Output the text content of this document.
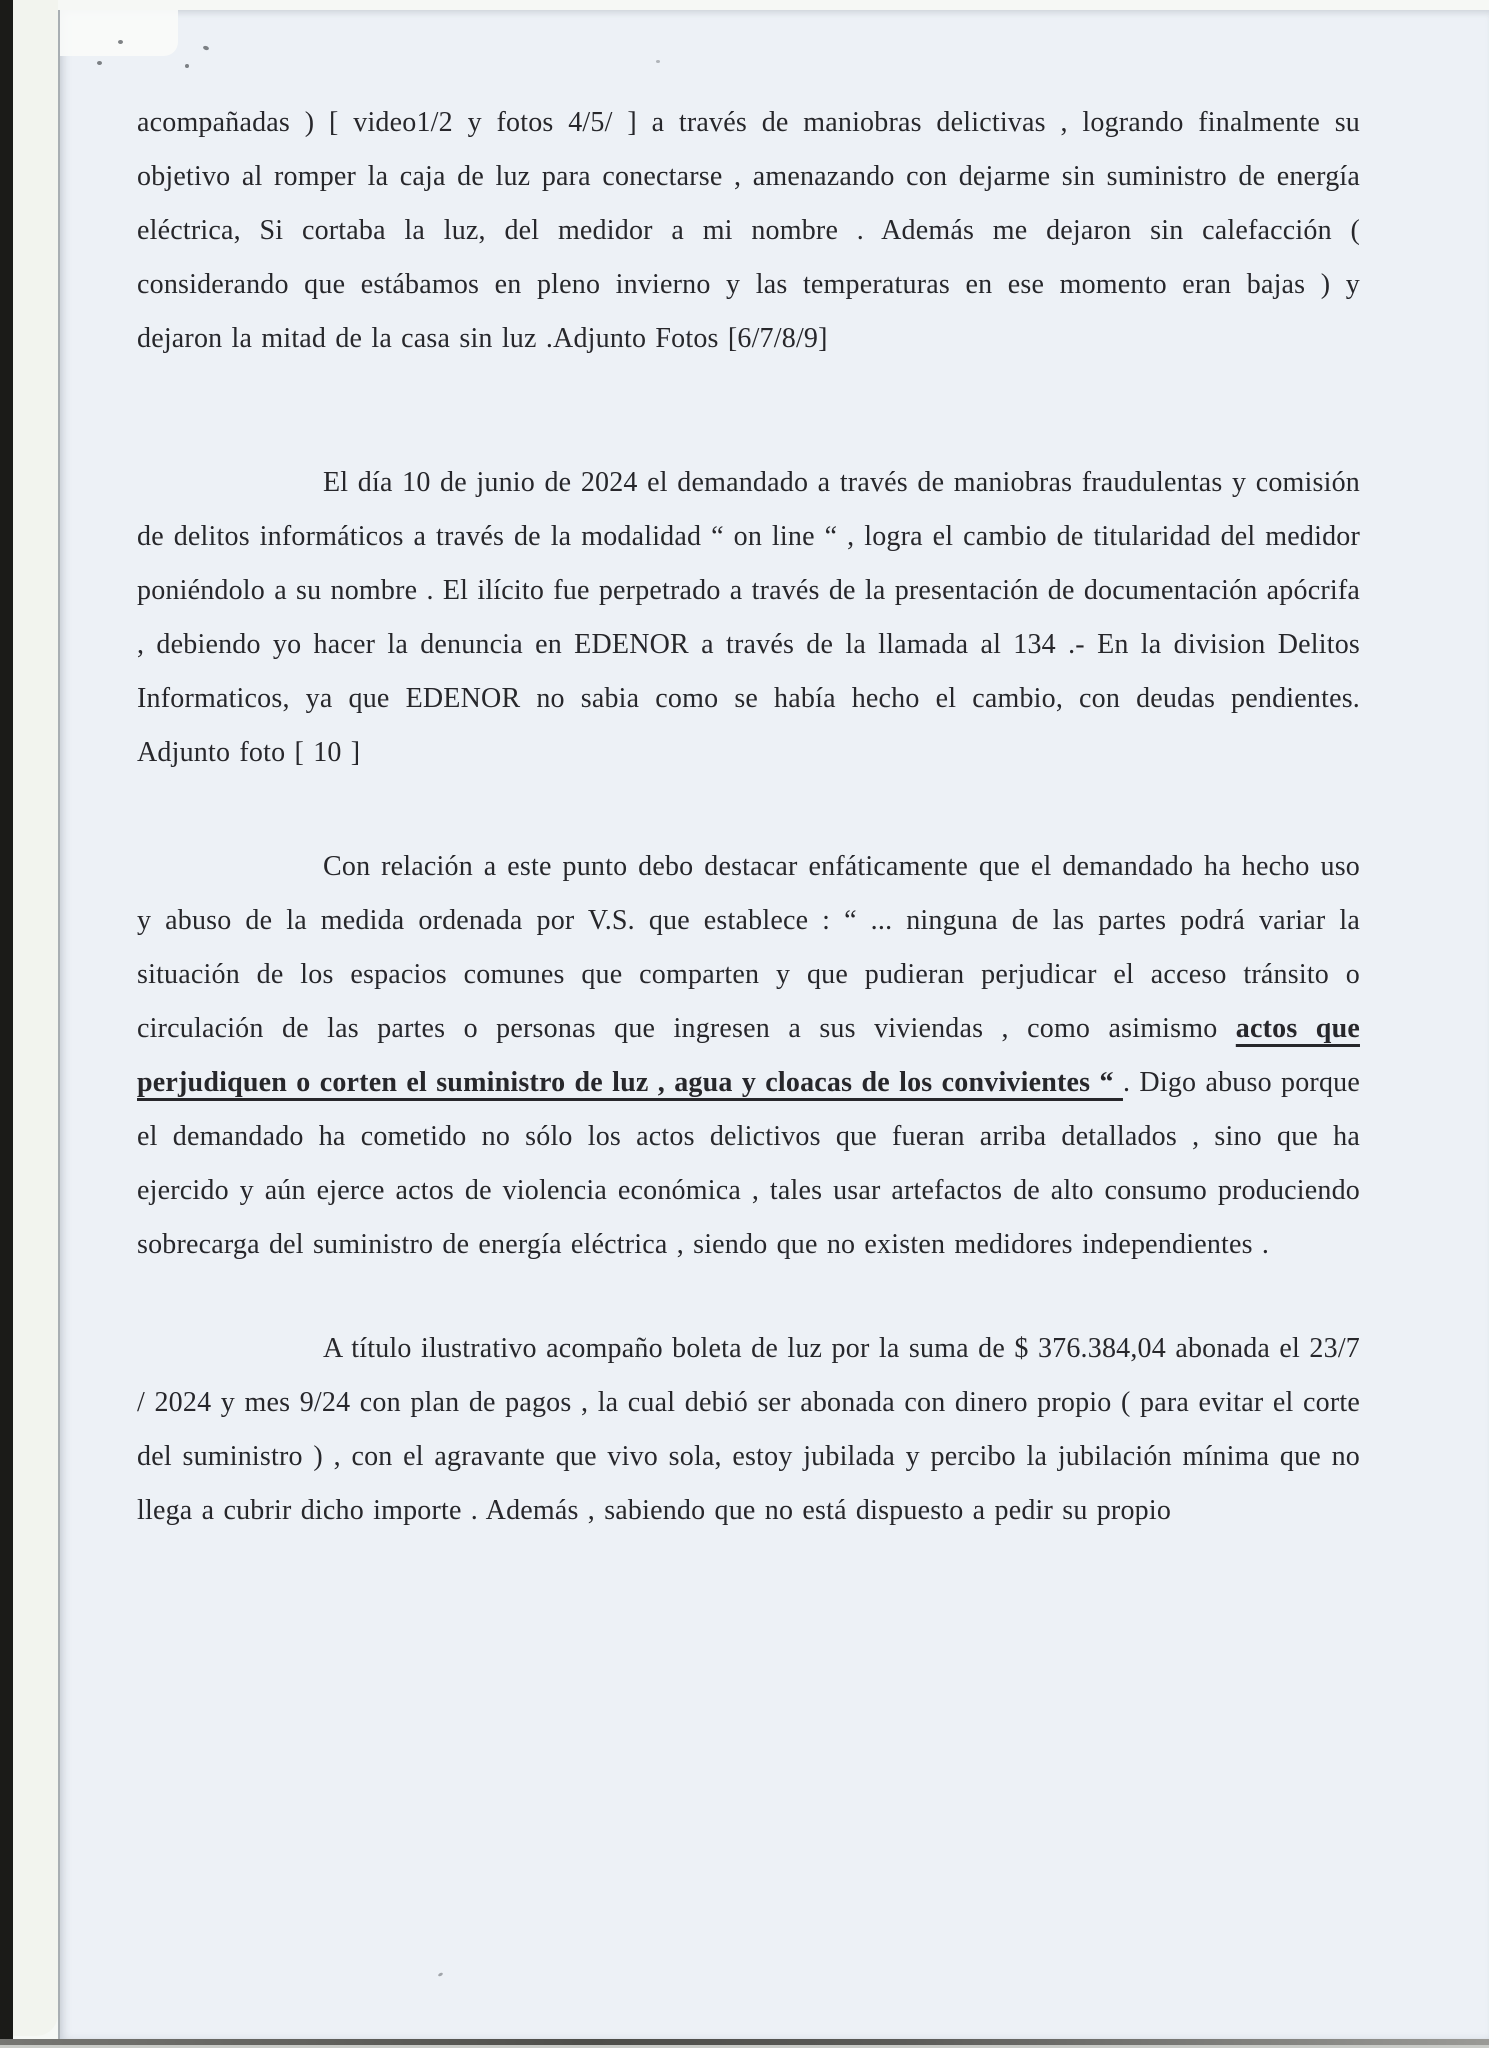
acompañadas ) [ video1/2 y fotos 4/5/ ] a través de maniobras delictivas , logrando finalmente su objetivo al romper la caja de luz para conectarse , amenazando con dejarme sin suministro de energía eléctrica, Si cortaba la luz, del medidor a mi nombre . Además me dejaron sin calefacción ( considerando que estábamos en pleno invierno y las temperaturas en ese momento eran bajas ) y dejaron la mitad de la casa sin luz .Adjunto Fotos [6/7/8/9]

El día 10 de junio de 2024 el demandado a través de maniobras fraudulentas y comisión de delitos informáticos a través de la modalidad “ on line “ , logra el cambio de titularidad del medidor poniéndolo a su nombre . El ilícito fue perpetrado a través de la presentación de documentación apócrifa , debiendo yo hacer la denuncia en EDENOR a través de la llamada al 134 .- En la division Delitos Informaticos, ya que EDENOR no sabia como se había hecho el cambio, con deudas pendientes. Adjunto foto [ 10 ]

Con relación a este punto debo destacar enfáticamente que el demandado ha hecho uso y abuso de la medida ordenada por V.S. que establece : “ ... ninguna de las partes podrá variar la situación de los espacios comunes que comparten y que pudieran perjudicar el acceso tránsito o circulación de las partes o personas que ingresen a sus viviendas , como asimismo actos que perjudiquen o corten el suministro de luz , agua y cloacas de los convivientes “ . Digo abuso porque el demandado ha cometido no sólo los actos delictivos que fueran arriba detallados , sino que ha ejercido y aún ejerce actos de violencia económica , tales usar artefactos de alto consumo produciendo sobrecarga del suministro de energía eléctrica , siendo que no existen medidores independientes .

A título ilustrativo acompaño boleta de luz por la suma de $ 376.384,04 abonada el 23/7 / 2024 y mes 9/24 con plan de pagos , la cual debió ser abonada con dinero propio ( para evitar el corte del suministro ) , con el agravante que vivo sola, estoy jubilada y percibo la jubilación mínima que no llega a cubrir dicho importe . Además , sabiendo que no está dispuesto a pedir su propio
